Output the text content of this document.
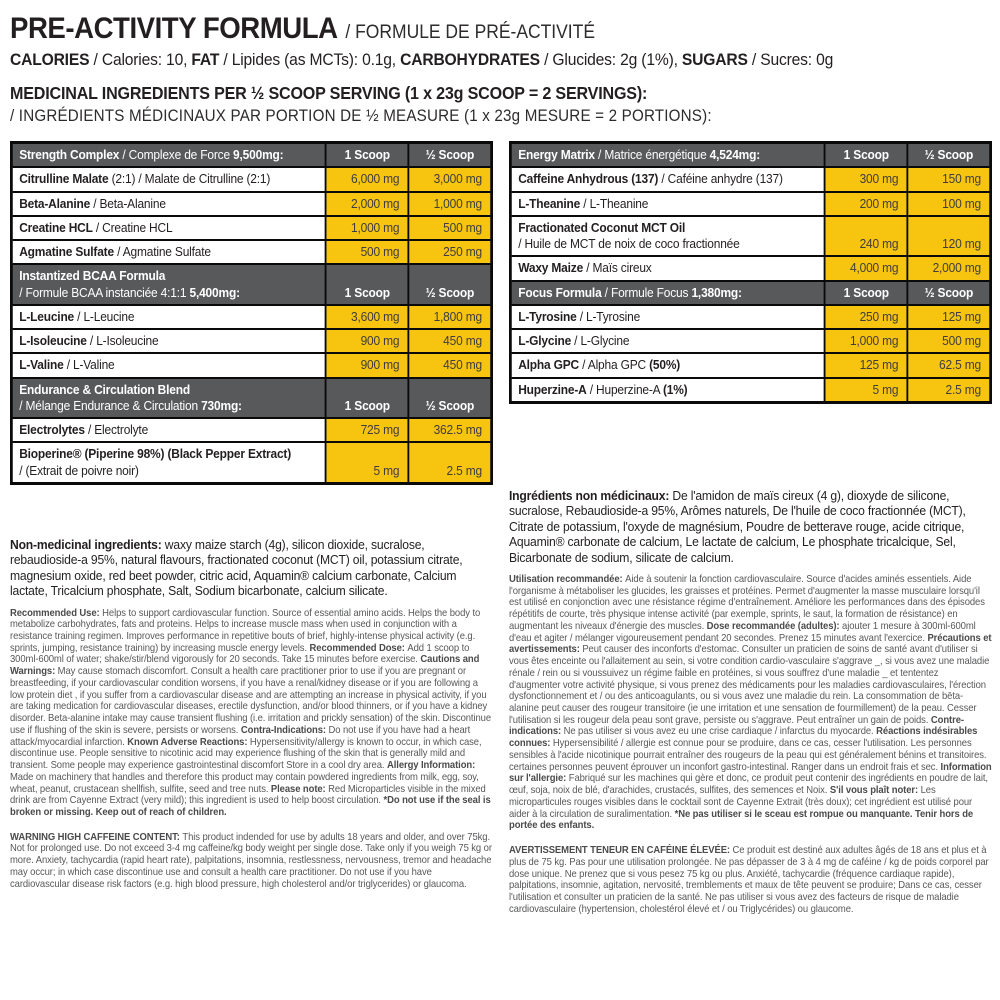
PRE-ACTIVITY FORMULA / FORMULE DE PRÉ-ACTIVITÉ
CALORIES / Calories: 10, FAT / Lipides (as MCTs): 0.1g, CARBOHYDRATES / Glucides: 2g (1%), SUGARS / Sucres: 0g
MEDICINAL INGREDIENTS PER ½ SCOOP SERVING (1 x 23g SCOOP = 2 SERVINGS):
/ INGRÉDIENTS MÉDICINAUX PAR PORTION DE ½ MEASURE (1 x 23g MESURE = 2 PORTIONS):
Strength Complex / Complexe de Force 9,500mg:	1 Scoop	½ Scoop
Citrulline Malate (2:1) / Malate de Citrulline (2:1)	6,000 mg	3,000 mg
Beta-Alanine / Beta-Alanine	2,000 mg	1,000 mg
Creatine HCL / Creatine HCL	1,000 mg	500 mg
Agmatine Sulfate / Agmatine Sulfate	500 mg	250 mg
Instantized BCAA Formula
/ Formule BCAA instanciée 4:1:1 5,400mg:	1 Scoop	½ Scoop
L-Leucine / L-Leucine	3,600 mg	1,800 mg
L-Isoleucine / L-Isoleucine	900 mg	450 mg
L-Valine / L-Valine	900 mg	450 mg
Endurance & Circulation Blend
/ Mélange Endurance & Circulation 730mg:	1 Scoop	½ Scoop
Electrolytes / Electrolyte	725 mg	362.5 mg
Bioperine® (Piperine 98%) (Black Pepper Extract)
/ (Extrait de poivre noir)	5 mg	2.5 mg

Non-medicinal ingredients: waxy maize starch (4g), silicon dioxide, sucralose, rebaudioside-a 95%, natural flavours, fractionated coconut (MCT) oil, potassium citrate, magnesium oxide, red beet powder, citric acid, Aquamin® calcium carbonate, Calcium lactate, Tricalcium phosphate, Salt, Sodium bicarbonate, calcium silicate.

Recommended Use: Helps to support cardiovascular function. Source of essential amino acids. Helps the body to metabolize carbohydrates, fats and proteins. Helps to increase muscle mass when used in conjunction with a resistance training regimen. Improves performance in repetitive bouts of brief, highly-intense physical activity (e.g. sprints, jumping, resistance training) by increasing muscle energy levels. Recommended Dose: Add 1 scoop to 300ml-600ml of water; shake/stir/blend vigorously for 20 seconds. Take 15 minutes before exercise. Cautions and Warnings: May cause stomach discomfort. Consult a health care practitioner prior to use if you are pregnant or breastfeeding, if your cardiovascular condition worsens, if you have a renal/kidney disease or if you are following a low protein diet , if you suffer from a cardiovascular disease and are attempting an increase in physical activity, if you are taking medication for cardiovascular diseases, erectile dysfunction, and/or blood thinners, or if you have a kidney disorder. Beta-alanine intake may cause transient flushing (i.e. irritation and prickly sensation) of the skin. Discontinue use if flushing of the skin is severe, persists or worsens. Contra-Indications: Do not use if you have had a heart attack/myocardial infarction. Known Adverse Reactions: Hypersensitivity/allergy is known to occur, in which case, discontinue use. People sensitive to nicotinic acid may experience flushing of the skin that is generally mild and transient. Some people may experience gastrointestinal discomfort Store in a cool dry area. Allergy Information: Made on machinery that handles and therefore this product may contain powdered ingredients from milk, egg, soy, wheat, peanut, crustacean shellfish, sulfite, seed and tree nuts. Please note: Red Microparticles visible in the mixed drink are from Cayenne Extract (very mild); this ingredient is used to help boost circulation. *Do not use if the seal is broken or missing. Keep out of reach of children.

WARNING HIGH CAFFEINE CONTENT: This product indended for use by adults 18 years and older, and over 75kg. Not for prolonged use. Do not exceed 3-4 mg caffeine/kg body weight per single dose. Take only if you weigh 75 kg or more. Anxiety, tachycardia (rapid heart rate), palpitations, insomnia, restlessness, nervousness, tremor and headache may occur; in which case discontinue use and consult a health care practitioner. Do not use if you have cardiovascular disease risk factors (e.g. high blood pressure, high cholesterol and/or triglycerides) or glaucoma.

Energy Matrix / Matrice énergétique 4,524mg:	1 Scoop	½ Scoop
Caffeine Anhydrous (137) / Caféine anhydre (137)	300 mg	150 mg
L-Theanine / L-Theanine	200 mg	100 mg
Fractionated Coconut MCT Oil
/ Huile de MCT de noix de coco fractionnée	240 mg	120 mg
Waxy Maize / Maïs cireux	4,000 mg	2,000 mg
Focus Formula / Formule Focus 1,380mg:	1 Scoop	½ Scoop
L-Tyrosine / L-Tyrosine	250 mg	125 mg
L-Glycine / L-Glycine	1,000 mg	500 mg
Alpha GPC / Alpha GPC (50%)	125 mg	62.5 mg
Huperzine-A / Huperzine-A (1%)	5 mg	2.5 mg

Ingrédients non médicinaux: De l'amidon de maïs cireux (4 g), dioxyde de silicone, sucralose, Rebaudioside-a 95%, Arômes naturels, De l'huile de coco fractionnée (MCT), Citrate de potassium, l'oxyde de magnésium, Poudre de betterave rouge, acide citrique, Aquamin® carbonate de calcium, Le lactate de calcium, Le phosphate tricalcique, Sel, Bicarbonate de sodium, silicate de calcium.

Utilisation recommandée: Aide à soutenir la fonction cardiovasculaire. Source d'acides aminés essentiels. Aide l'organisme à métaboliser les glucides, les graisses et protéines. Permet d'augmenter la masse musculaire lorsqu'il est utilisé en conjonction avec une résistance régime d'entraînement. Améliore les performances dans des épisodes répétitifs de courte, très physique intense activité (par exemple, sprints, le saut, la formation de résistance) en augmentant les niveaux d'énergie des muscles. Dose recommandée (adultes): ajouter 1 mesure à 300ml-600ml d'eau et agiter / mélanger vigoureusement pendant 20 secondes. Prenez 15 minutes avant l'exercice. Précautions et avertissements: Peut causer des inconforts d'estomac. Consulter un praticien de soins de santé avant d'utiliser si vous êtes enceinte ou l'allaitement au sein, si votre condition cardio-vasculaire s'aggrave _, si vous avez une maladie rénale / rein ou si voussuivez un régime faible en protéines, si vous souffrez d'une maladie _ et tententez d'augmenter votre activité physique, si vous prenez des médicaments pour les maladies cardiovasculaires, l'érection dysfonctionnement et / ou des anticoagulants, ou si vous avez une maladie du rein. La consommation de bēta-alanine peut causer des rougeur transitoire (ie une irritation et une sensation de fourmillement) de la peau. Cesser l'utilisation si les rougeur dela peau sont grave, persiste ou s'aggrave. Peut entraîner un gain de poids. Contre-indications: Ne pas utiliser si vous avez eu une crise cardiaque / infarctus du myocarde. Réactions indésirables connues: Hypersensibilité / allergie est connue pour se produire, dans ce cas, cesser l'utilisation. Les personnes sensibles à l'acide nicotinique pourrait entraîner des rougeurs de la peau qui est généralement bénins et transitoires. certaines personnes peuvent éprouver un inconfort gastro-intestinal. Ranger dans un endroit frais et sec. Information sur l'allergie: Fabriqué sur les machines qui gère et donc, ce produit peut contenir des ingrédients en poudre de lait, œuf, soja, noix de blé, d'arachides, crustacés, sulfites, des semences et Noix. S'il vous plaît noter: Les microparticules rouges visibles dans le cocktail sont de Cayenne Extrait (très doux); cet ingrédient est utilisé pour aider à la circulation de suralimentation. *Ne pas utiliser si le sceau est rompue ou manquante. Tenir hors de portée des enfants.

AVERTISSEMENT TENEUR EN CAFÉINE ÉLEVÉE: Ce produit est destiné aux adultes âgés de 18 ans et plus et à plus de 75 kg. Pas pour une utilisation prolongée. Ne pas dépasser de 3 à 4 mg de caféine / kg de poids corporel par dose unique. Ne prenez que si vous pesez 75 kg ou plus. Anxiété, tachycardie (fréquence cardiaque rapide), palpitations, insomnie, agitation, nervosité, tremblements et maux de tête peuvent se produire; Dans ce cas, cesser l'utilisation et consulter un praticien de la santé. Ne pas utiliser si vous avez des facteurs de risque de maladie cardiovasculaire (hypertension, cholestérol élevé et / ou Triglycérides) ou glaucome.
